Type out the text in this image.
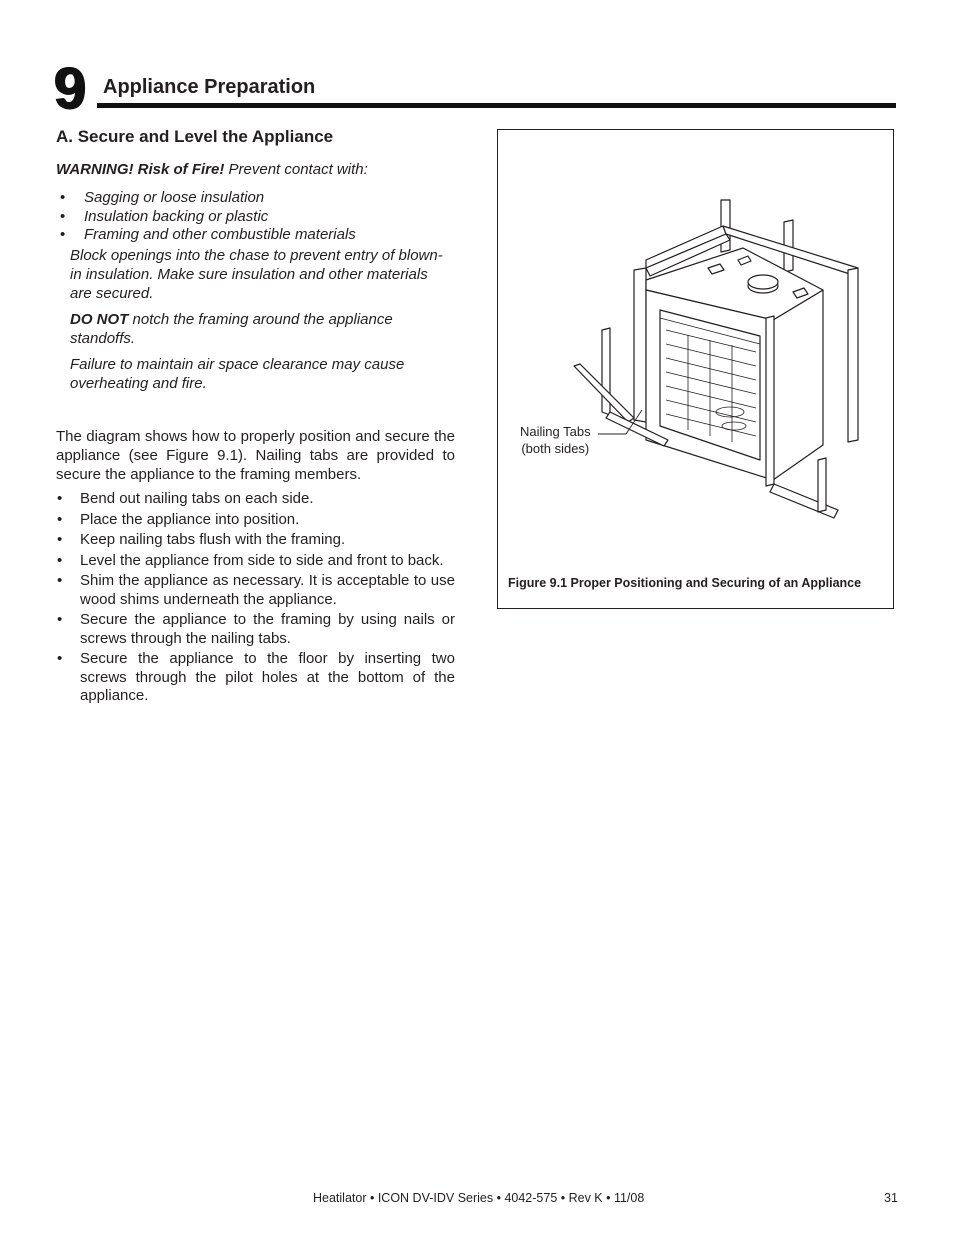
9 Appliance Preparation
A. Secure and Level the Appliance
WARNING! Risk of Fire! Prevent contact with:
• Sagging or loose insulation
• Insulation backing or plastic
• Framing and other combustible materials

Block openings into the chase to prevent entry of blown-in insulation. Make sure insulation and other materials are secured.

DO NOT notch the framing around the appliance standoffs.

Failure to maintain air space clearance may cause overheating and fire.

The diagram shows how to properly position and secure the appliance (see Figure 9.1). Nailing tabs are provided to secure the appliance to the framing members.

• Bend out nailing tabs on each side.
• Place the appliance into position.
• Keep nailing tabs flush with the framing.
• Level the appliance from side to side and front to back.
• Shim the appliance as necessary. It is acceptable to use wood shims underneath the appliance.
• Secure the appliance to the framing by using nails or screws through the nailing tabs.
• Secure the appliance to the floor by inserting two screws through the pilot holes at the bottom of the appliance.
Nailing Tabs
(both sides)
Figure 9.1 Proper Positioning and Securing of an Appliance
Heatilator • ICON DV-IDV Series • 4042-575 • Rev K • 11/08	31
